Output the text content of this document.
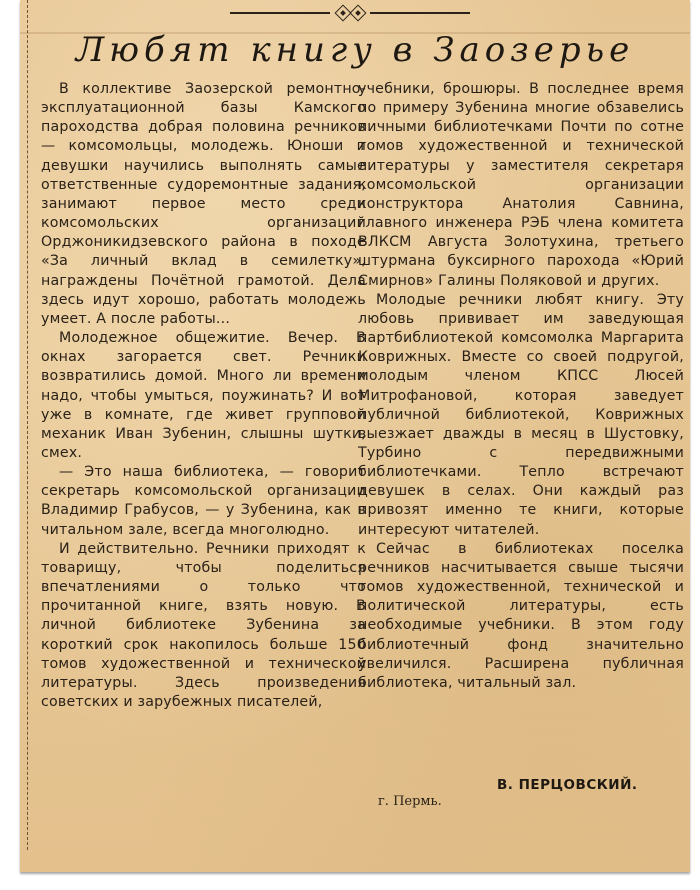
Любят книгу в Заозерье

В коллективе Заозерской ремонтно-эксплуатационной базы Камского пароходства добрая половина речников — комсомольцы, молодежь. Юноши и девушки научились выполнять самые ответственные судоремонтные задания, занимают первое место среди комсомольских организаций Орджоникидзевского района в походе «За личный вклад в семилетку», награждены Почётной грамотой. Дела здесь идут хорошо, работать молодежь умеет. А после работы...

Молодежное общежитие. Вечер. В окнах загорается свет. Речники возвратились домой. Много ли времени надо, чтобы умыться, поужинать? И вот уже в комнате, где живет групповой механик Иван Зубенин, слышны шутки, смех.

— Это наша библиотека, — говорит секретарь комсомольской организации Владимир Грабусов, — у Зубенина, как в читальном зале, всегда многолюдно.

И действительно. Речники приходят к товарищу, чтобы поделиться впечатлениями о только что прочитанной книге, взять новую. В личной библиотеке Зубенина за короткий срок накопилось больше 150 томов художественной и технической литературы. Здесь произведения советских и зарубежных писателей,

учебники, брошюры. В последнее время по примеру Зубенина многие обзавелись личными библиотечками Почти по сотне томов художественной и технической литературы у заместителя секретаря комсомольской организации конструктора Анатолия Савнина, главного инженера РЭБ члена комитета ВЛКСМ Августа Золотухина, третьего штурмана буксирного парохода «Юрий Смирнов» Галины Поляковой и других.

Молодые речники любят книгу. Эту любовь прививает им заведующая партбиблиотекой комсомолка Маргарита Коврижных. Вместе со своей подругой, молодым членом КПСС Люсей Митрофановой, которая заведует публичной библиотекой, Коврижных выезжает дважды в месяц в Шустовку, Турбино с передвижными библиотечками. Тепло встречают девушек в селах. Они каждый раз привозят именно те книги, которые интересуют читателей.

Сейчас в библиотеках поселка речников насчитывается свыше тысячи томов художественной, технической и политической литературы, есть необходимые учебники. В этом году библиотечный фонд значительно увеличился. Расширена публичная библиотека, читальный зал.

В. ПЕРЦОВСКИЙ.
г. Пермь.
